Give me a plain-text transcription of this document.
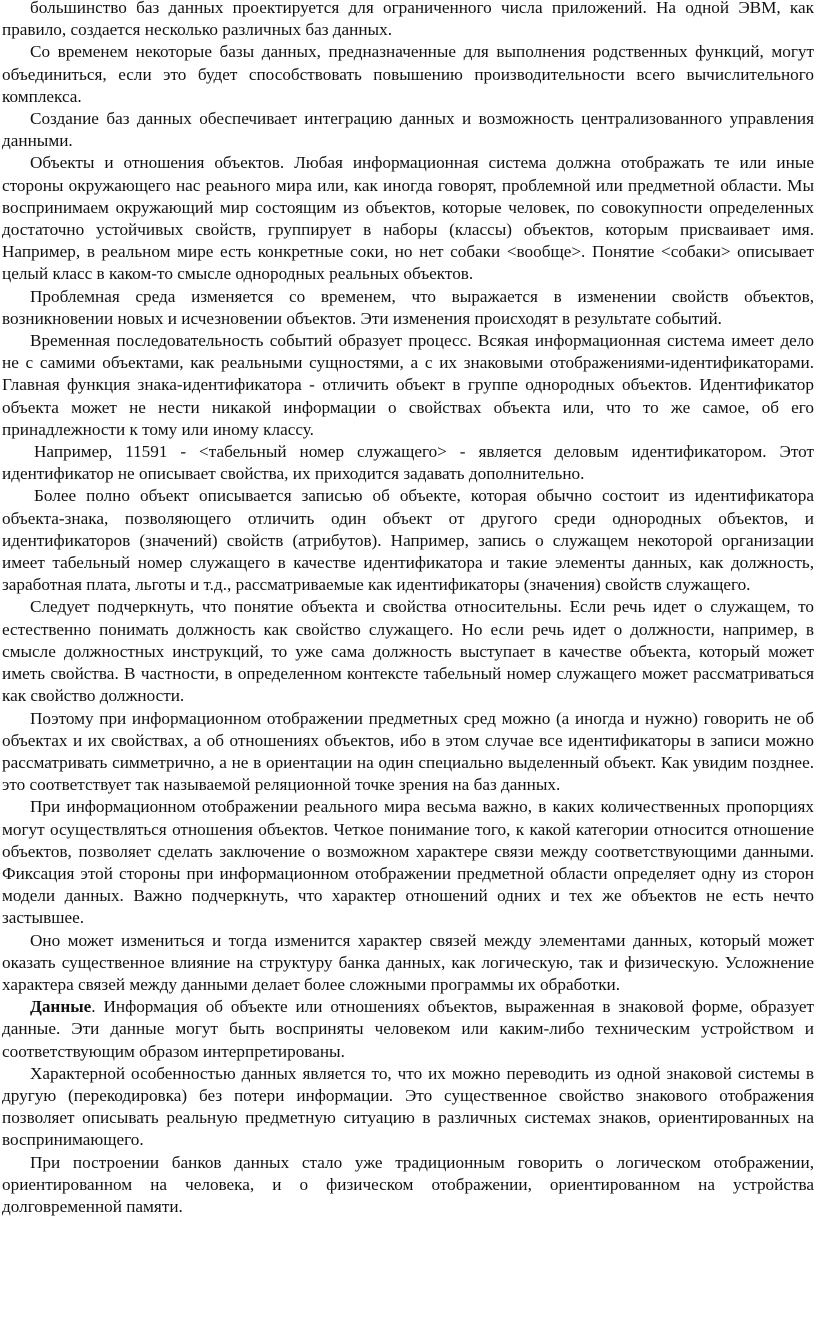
большинство баз данных проектируется для ограниченного числа приложений. На одной ЭВМ, как правило, создается несколько различных баз данных.

Со временем некоторые базы данных, предназначенные для выполнения родственных функций, могут объединиться, если это будет способствовать повышению производительности всего вычислительного комплекса.

Создание баз данных обеспечивает интеграцию данных и возможность централизованного управления данными.

Объекты и отношения объектов. Любая информационная система должна отображать те или иные стороны окружающего нас реаьного мира или, как иногда говорят, проблемной или предметной области. Мы воспринимаем окружающий мир состоящим из объектов, которые человек, по совокупности определенных достаточно устойчивых свойств, группирует в наборы (классы) объектов, которым присваивает имя. Например, в реальном мире есть конкретные соки, но нет собаки <вообще>. Понятие <собаки> описывает целый класс в каком-то смысле однородных реальных объектов.

Проблемная среда изменяется со временем, что выражается в изменении свойств объектов, возникновении новых и исчезновении объектов. Эти изменения происходят в результате событий.

Временная последовательность событий образует процесс. Всякая информационная система имеет дело не с самими объектами, как реальными сущностями, а с их знаковыми отображениями-идентификаторами. Главная функция знака-идентификатора - отличить объект в группе однородных объектов. Идентификатор объекта может не нести никакой информации о свойствах объекта или, что то же самое, об его принадлежности к тому или иному классу.

Например, 11591 - <табельный номер служащего> - является деловым идентификатором. Этот идентификатор не описывает свойства, их приходится задавать дополнительно.

Более полно объект описывается записью об объекте, которая обычно состоит из идентификатора объекта-знака, позволяющего отличить один объект от другого среди однородных объектов, и идентификаторов (значений) свойств (атрибутов). Например, запись о служащем некоторой организации имеет табельный номер служащего в качестве идентификатора и такие элементы данных, как должность, заработная плата, льготы и т.д., рассматриваемые как идентификаторы (значения) свойств служащего.

Следует подчеркнуть, что понятие объекта и свойства относительны. Если речь идет о служащем, то естественно понимать должность как свойство служащего. Но если речь идет о должности, например, в смысле должностных инструкций, то уже сама должность выступает в качестве объекта, который может иметь свойства. В частности, в определенном контексте табельный номер служащего может рассматриваться как свойство должности.

Поэтому при информационном отображении предметных сред можно (а иногда и нужно) говорить не об объектах и их свойствах, а об отношениях объектов, ибо в этом случае все идентификаторы в записи можно рассматривать симметрично, а не в ориентации на один специально выделенный объект. Как увидим позднее. это соответствует так называемой реляционной точке зрения на баз данных.

При информационном отображении реального мира весьма важно, в каких количественных пропорциях могут осуществляться отношения объектов. Четкое понимание того, к какой категории относится отношение объектов, позволяет сделать заключение о возможном характере связи между соответствующими данными. Фиксация этой стороны при информационном отображении предметной области определяет одну из сторон модели данных. Важно подчеркнуть, что характер отношений одних и тех же объектов не есть нечто застывшее.

Оно может измениться и тогда изменится характер связей между элементами данных, который может оказать существенное влияние на структуру банка данных, как логическую, так и физическую. Усложнение характера связей между данными делает более сложными программы их обработки.

Данные. Информация об объекте или отношениях объектов, выраженная в знаковой форме, образует данные. Эти данные могут быть восприняты человеком или каким-либо техническим устройством и соответствующим образом интерпретированы.

Характерной особенностью данных является то, что их можно переводить из одной знаковой системы в другую (перекодировка) без потери информации. Это существенное свойство знакового отображения позволяет описывать реальную предметную ситуацию в различных системах знаков, ориентированных на воспринимающего.

При построении банков данных стало уже традиционным говорить о логическом отображении, ориентированном на человека, и о физическом отображении, ориентированном на устройства долговременной памяти.
